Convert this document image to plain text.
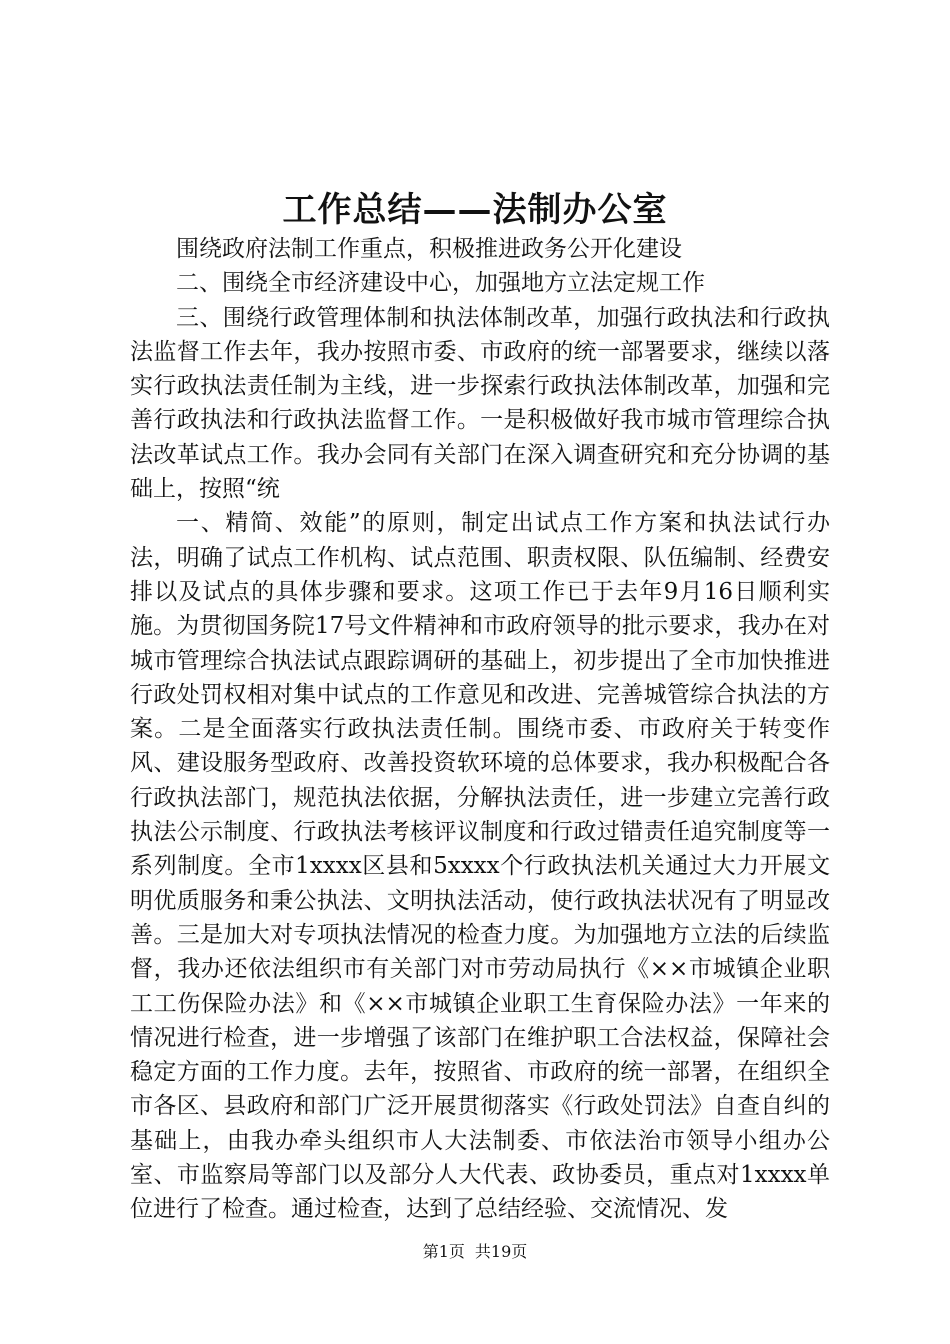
工作总结——法制办公室

围绕政府法制工作重点，积极推进政务公开化建设

二、围绕全市经济建设中心，加强地方立法定规工作

三、围绕行政管理体制和执法体制改革，加强行政执法和行政执法监督工作去年，我办按照市委、市政府的统一部署要求，继续以落实行政执法责任制为主线，进一步探索行政执法体制改革，加强和完善行政执法和行政执法监督工作。一是积极做好我市城市管理综合执法改革试点工作。我办会同有关部门在深入调查研究和充分协调的基础上，按照“统

一、精简、效能”的原则，制定出试点工作方案和执法试行办法，明确了试点工作机构、试点范围、职责权限、队伍编制、经费安排以及试点的具体步骤和要求。这项工作已于去年9月16日顺利实施。为贯彻国务院17号文件精神和市政府领导的批示要求，我办在对城市管理综合执法试点跟踪调研的基础上，初步提出了全市加快推进行政处罚权相对集中试点的工作意见和改进、完善城管综合执法的方案。二是全面落实行政执法责任制。围绕市委、市政府关于转变作风、建设服务型政府、改善投资软环境的总体要求，我办积极配合各行政执法部门，规范执法依据，分解执法责任，进一步建立完善行政执法公示制度、行政执法考核评议制度和行政过错责任追究制度等一系列制度。全市1xxxx区县和5xxxx个行政执法机关通过大力开展文明优质服务和秉公执法、文明执法活动，使行政执法状况有了明显改善。三是加大对专项执法情况的检查力度。为加强地方立法的后续监督，我办还依法组织市有关部门对市劳动局执行《××市城镇企业职工工伤保险办法》和《××市城镇企业职工生育保险办法》一年来的情况进行检查，进一步增强了该部门在维护职工合法权益，保障社会稳定方面的工作力度。去年，按照省、市政府的统一部署，在组织全市各区、县政府和部门广泛开展贯彻落实《行政处罚法》自查自纠的基础上，由我办牵头组织市人大法制委、市依法治市领导小组办公室、市监察局等部门以及部分人大代表、政协委员，重点对1xxxx单位进行了检查。通过检查，达到了总结经验、交流情况、发

第1页 共19页
